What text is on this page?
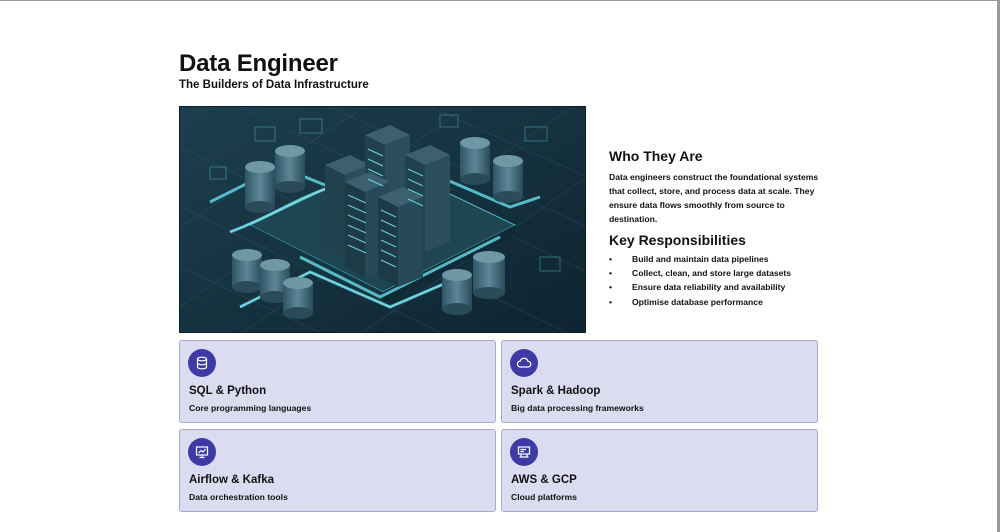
Data Engineer
The Builders of Data Infrastructure
Who They Are

Data engineers construct the foundational systems that collect, store, and process data at scale. They ensure data flows smoothly from source to destination.

Key Responsibilities
• Build and maintain data pipelines
• Collect, clean, and store large datasets
• Ensure data reliability and availability
• Optimise database performance
SQL & Python
Core programming languages
Spark & Hadoop
Big data processing frameworks
Airflow & Kafka
Data orchestration tools
AWS & GCP
Cloud platforms
